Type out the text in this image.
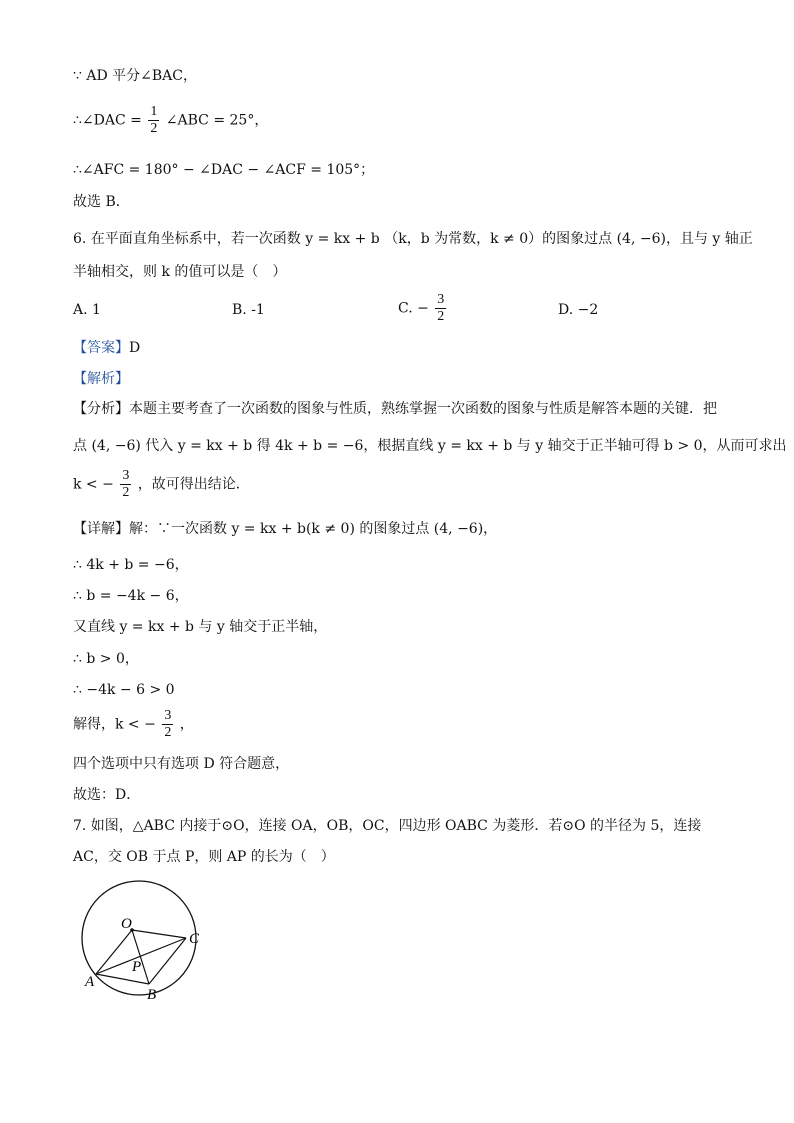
∵ AD 平分∠BAC，
∴∠DAC = $\frac{1}{2}$ ∠ABC = 25°，
∴∠AFC = 180° − ∠DAC − ∠ACF = 105°；
故选 B．
6. 在平面直角坐标系中，若一次函数 y = kx + b （k，b 为常数，k ≠ 0）的图象过点 (4, −6)，且与 y 轴正
半轴相交，则 k 的值可以是（　）
A. 1	B. -1	C. − $\frac{3}{2}$	D. −2
【答案】D
【解析】
【分析】本题主要考查了一次函数的图象与性质，熟练掌握一次函数的图象与性质是解答本题的关键．把
点 (4, −6) 代入 y = kx + b 得 4k + b = −6，根据直线 y = kx + b 与 y 轴交于正半轴可得 b > 0，从而可求出
k < − $\frac{3}{2}$ ，故可得出结论．
【详解】解：∵一次函数 y = kx + b(k ≠ 0) 的图象过点 (4, −6)，
∴ 4k + b = −6，
∴ b = −4k − 6，
又直线 y = kx + b 与 y 轴交于正半轴，
∴ b > 0，
∴ −4k − 6 > 0
解得，k < − $\frac{3}{2}$ ，
四个选项中只有选项 D 符合题意，
故选：D．
7. 如图，△ABC 内接于⊙O，连接 OA，OB，OC，四边形 OABC 为菱形．若⊙O 的半径为 5，连接
AC，交 OB 于点 P，则 AP 的长为（　）
O
A
B
C
P
